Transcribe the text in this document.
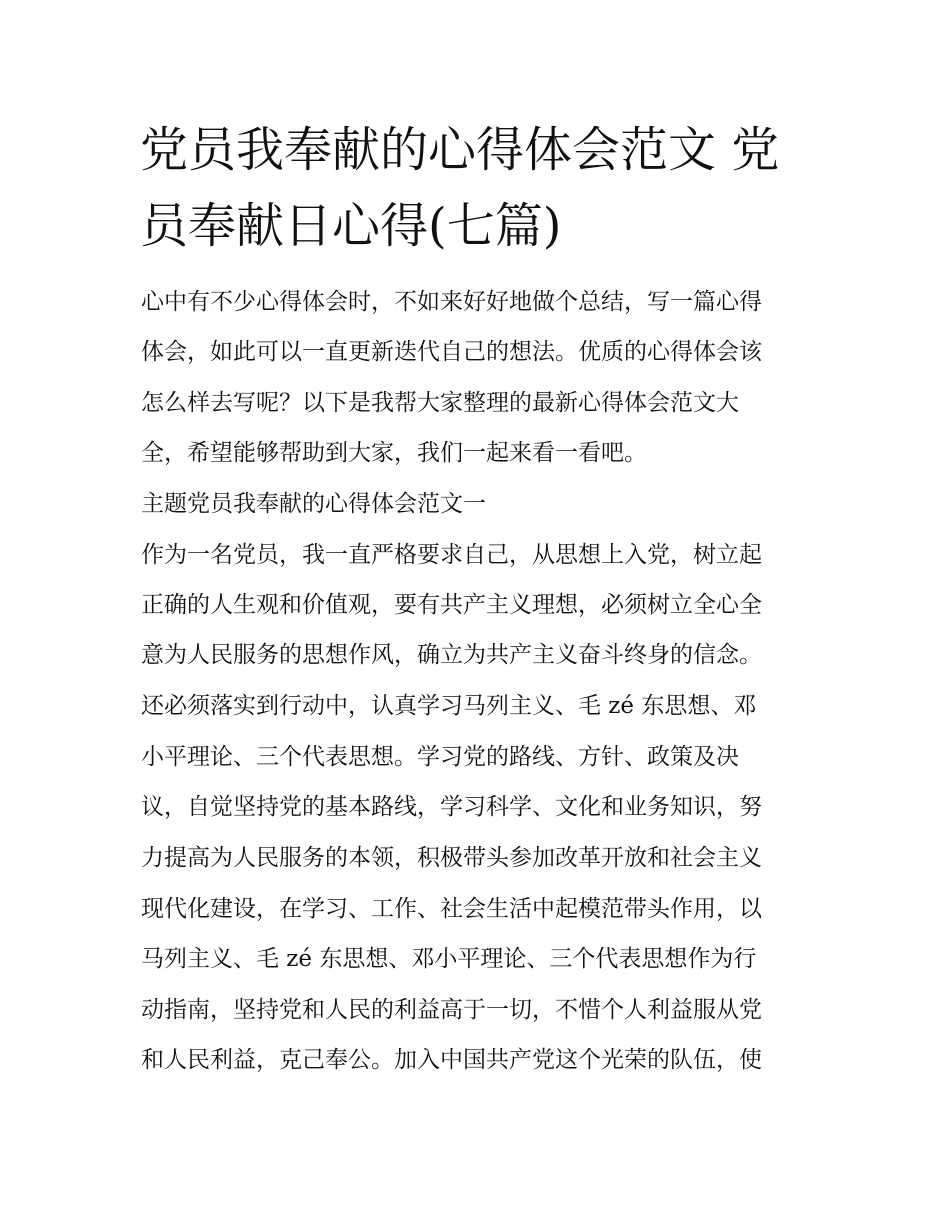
党员我奉献的心得体会范文 党
员奉献日心得(七篇)
心中有不少心得体会时，不如来好好地做个总结，写一篇心得
体会，如此可以一直更新迭代自己的想法。优质的心得体会该
怎么样去写呢？以下是我帮大家整理的最新心得体会范文大
全，希望能够帮助到大家，我们一起来看一看吧。
主题党员我奉献的心得体会范文一
作为一名党员，我一直严格要求自己，从思想上入党，树立起
正确的人生观和价值观，要有共产主义理想，必须树立全心全
意为人民服务的思想作风，确立为共产主义奋斗终身的信念。
还必须落实到行动中，认真学习马列主义、毛 zé 东思想、邓
小平理论、三个代表思想。学习党的路线、方针、政策及决
议，自觉坚持党的基本路线，学习科学、文化和业务知识，努
力提高为人民服务的本领，积极带头参加改革开放和社会主义
现代化建设，在学习、工作、社会生活中起模范带头作用，以
马列主义、毛 zé 东思想、邓小平理论、三个代表思想作为行
动指南，坚持党和人民的利益高于一切，不惜个人利益服从党
和人民利益，克己奉公。加入中国共产党这个光荣的队伍，使
